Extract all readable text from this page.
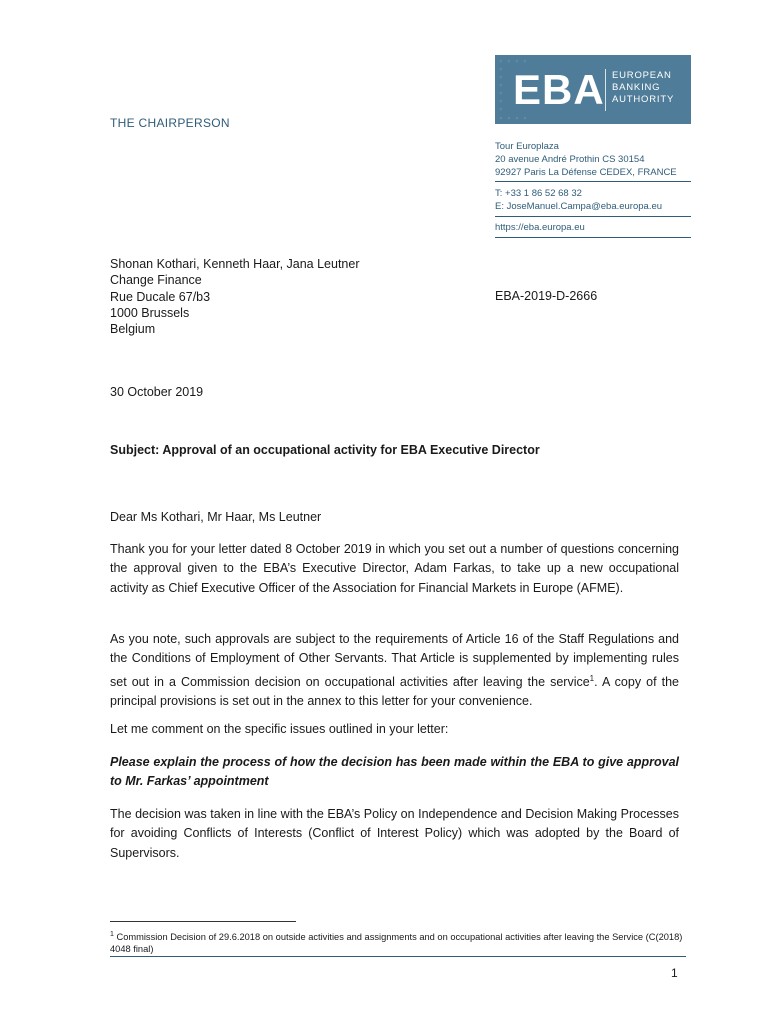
EBA EUROPEAN
BANKING
AUTHORITY
THE CHAIRPERSON
Tour Europlaza
20 avenue André Prothin CS 30154
92927 Paris La Défense CEDEX, FRANCE
T: +33 1 86 52 68 32
E: JoseManuel.Campa@eba.europa.eu
https://eba.europa.eu
Shonan Kothari, Kenneth Haar, Jana Leutner
Change Finance
Rue Ducale 67/b3
1000 Brussels
Belgium
EBA-2019-D-2666
30 October 2019
Subject: Approval of an occupational activity for EBA Executive Director
Dear Ms Kothari, Mr Haar, Ms Leutner
Thank you for your letter dated 8 October 2019 in which you set out a number of questions concerning the approval given to the EBA’s Executive Director, Adam Farkas, to take up a new occupational activity as Chief Executive Officer of the Association for Financial Markets in Europe (AFME).
As you note, such approvals are subject to the requirements of Article 16 of the Staff Regulations and the Conditions of Employment of Other Servants. That Article is supplemented by implementing rules set out in a Commission decision on occupational activities after leaving the service$^1$. A copy of the principal provisions is set out in the annex to this letter for your convenience.
Let me comment on the specific issues outlined in your letter:
Please explain the process of how the decision has been made within the EBA to give approval to Mr. Farkas’ appointment
The decision was taken in line with the EBA’s Policy on Independence and Decision Making Processes for avoiding Conflicts of Interests (Conflict of Interest Policy) which was adopted by the Board of Supervisors.
$^1$ Commission Decision of 29.6.2018 on outside activities and assignments and on occupational activities after leaving the Service (C(2018) 4048 final)
1
